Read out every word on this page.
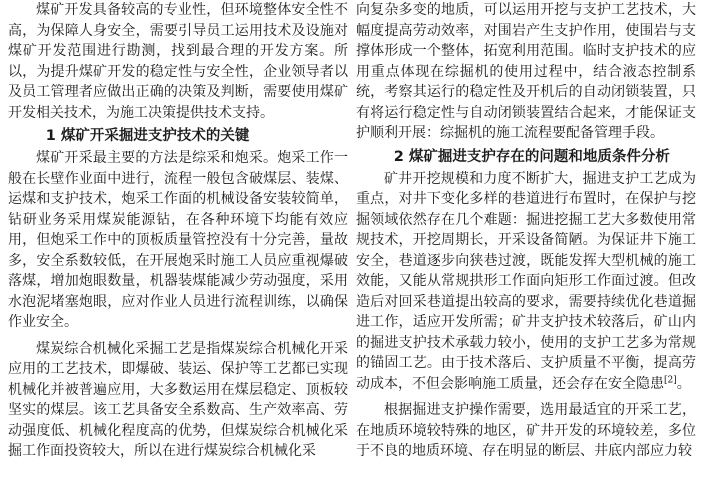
煤矿开发具备较高的专业性，但环境整体安全性不高，为保障人身安全，需要引导员工运用技术及设施对煤矿开发范围进行勘测，找到最合理的开发方案。所以，为提升煤矿开发的稳定性与安全性，企业领导者以及员工管理者应做出正确的决策及判断，需要使用煤矿开发相关技术，为施工决策提供技术支持。

1 煤矿开采掘进支护技术的关键

煤矿开采最主要的方法是综采和炮采。炮采工作一般在长壁作业面中进行，流程一般包含破煤层、装煤、运煤和支护技术，炮采工作面的机械设备安装较简单，钻研业务采用煤炭能源钻，在各种环境下均能有效应用，但炮采工作中的顶板质量管控没有十分完善，量故多，安全系数较低，在开展炮采时施工人员应重视爆破落煤，增加炮眼数量，机器装煤能减少劳动强度，采用水泡泥堵塞炮眼，应对作业人员进行流程训练，以确保作业安全。

煤炭综合机械化采掘工艺是指煤炭综合机械化开采应用的工艺技术，即爆破、装运、保护等工艺都已实现机械化并被普遍应用，大多数运用在煤层稳定、顶板较坚实的煤层。该工艺具备安全系数高、生产效率高、劳动强度低、机械化程度高的优势，但煤炭综合机械化采掘工作面投资较大，所以在进行煤炭综合机械化采

向复杂多变的地质，可以运用开挖与支护工艺技术，大幅度提高劳动效率，对围岩产生支护作用，使围岩与支撑体形成一个整体，拓宽利用范围。临时支护技术的应用重点体现在综掘机的使用过程中，结合液态控制系统，考察其运行的稳定性及开机后的自动闭锁装置，只有将运行稳定性与自动闭锁装置结合起来，才能保证支护顺利开展：综掘机的施工流程要配备管理手段。

2 煤矿掘进支护存在的问题和地质条件分析

矿井开挖规模和力度不断扩大，掘进支护工艺成为重点，对井下变化多样的巷道进行布置时，在保护与挖掘领域依然存在几个难题：掘进挖掘工艺大多数使用常规技术，开挖周期长，开采设备简陋。为保证井下施工安全，巷道逐步向狭巷过渡，既能发挥大型机械的施工效能，又能从常规拱形工作面向矩形工作面过渡。但改造后对回采巷道提出较高的要求，需要持续优化巷道掘进工作，适应开发所需；矿井支护技术较落后，矿山内的掘进支护技术承载力较小，使用的支护工艺多为常规的锚固工艺。由于技术落后、支护质量不平衡，提高劳动成本，不但会影响施工质量，还会存在安全隐患[2]。

根据掘进支护操作需要，选用最适宜的开采工艺，在地质环境较特殊的地区，矿井开发的环境较差，多位于不良的地质环境、存在明显的断层、井底内部应力较
